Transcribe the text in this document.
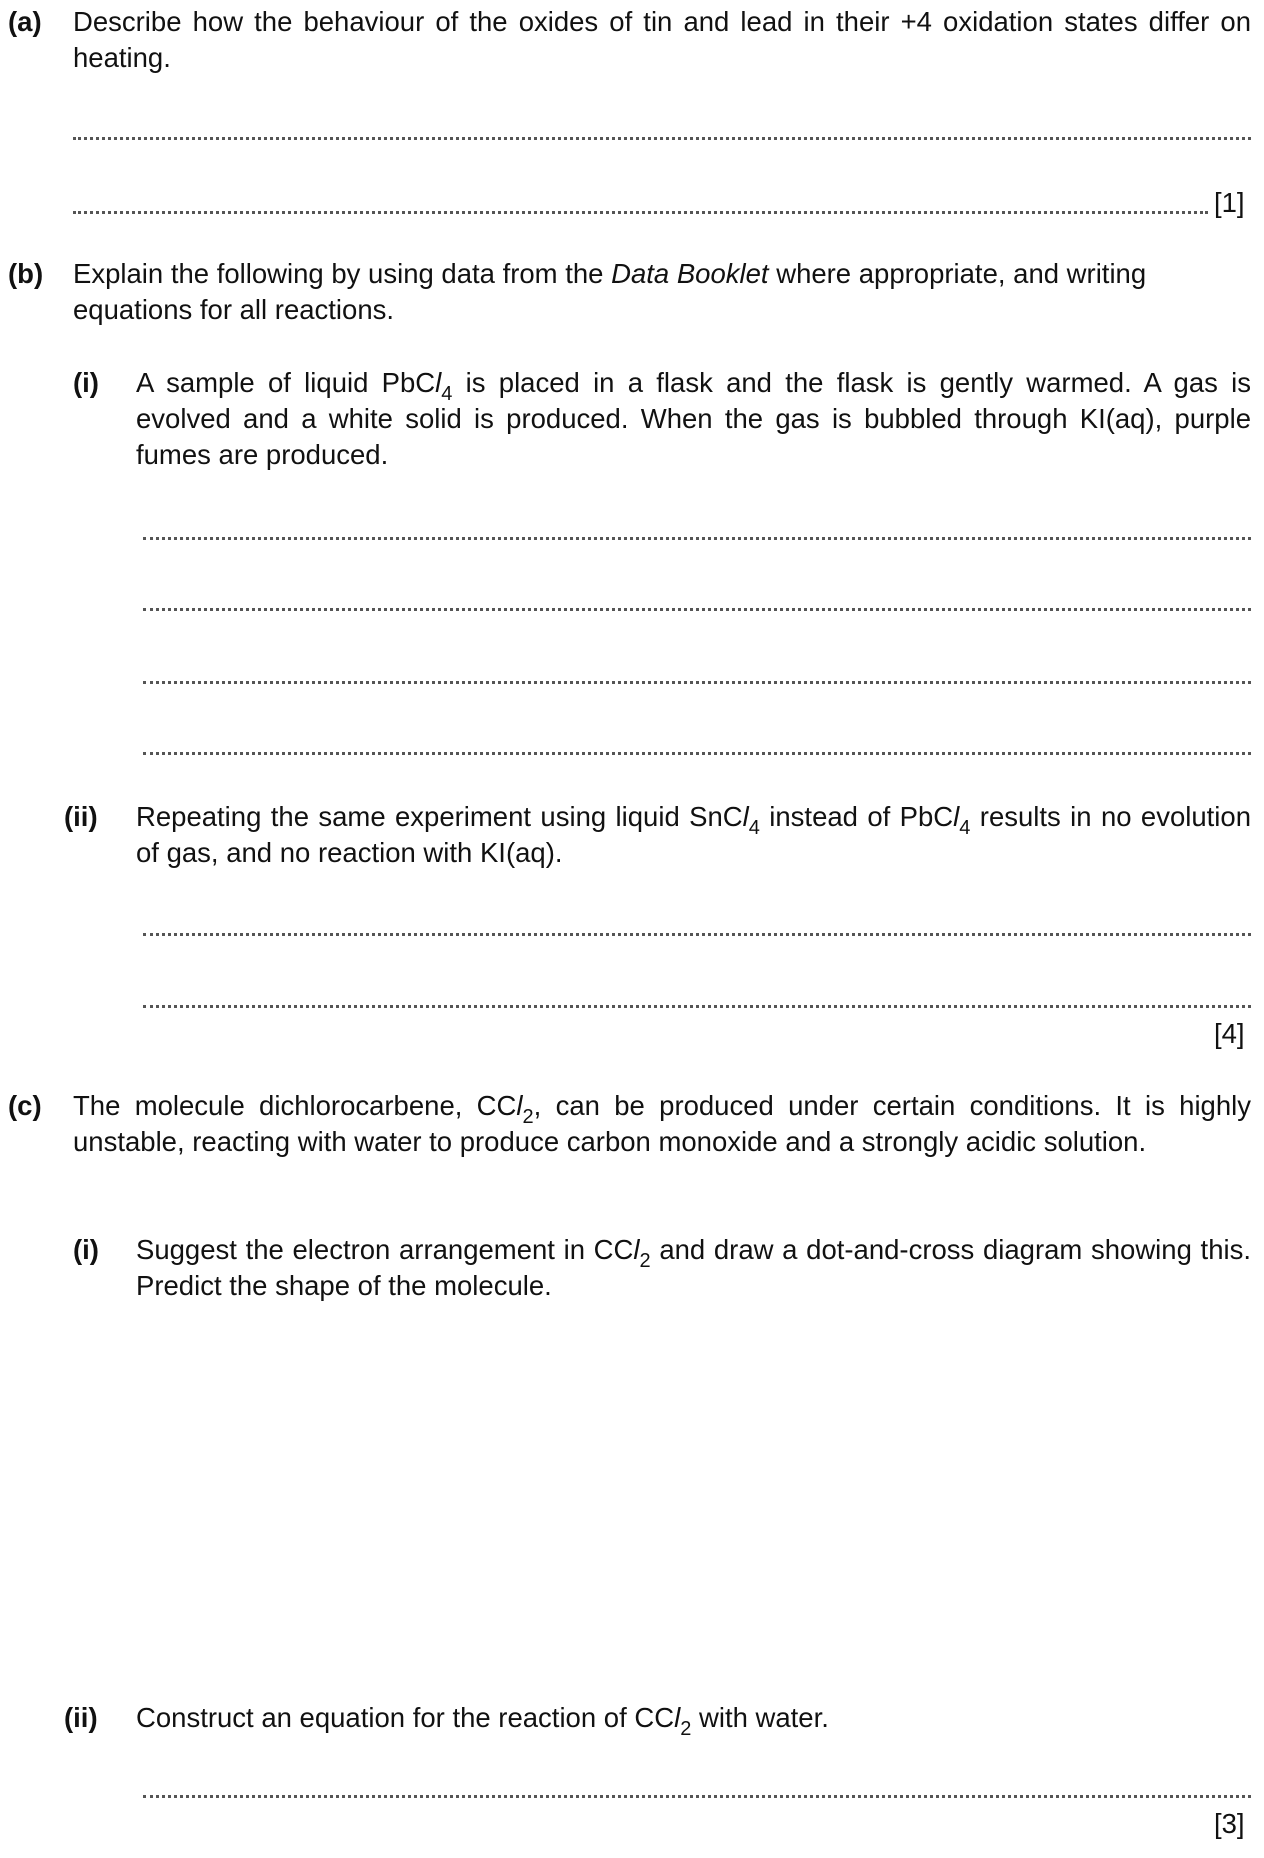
(a) Describe how the behaviour of the oxides of tin and lead in their +4 oxidation states differ on heating.
[1]
(b) Explain the following by using data from the Data Booklet where appropriate, and writing equations for all reactions.
(i) A sample of liquid PbCl$_4$ is placed in a flask and the flask is gently warmed. A gas is evolved and a white solid is produced. When the gas is bubbled through KI(aq), purple fumes are produced.
(ii) Repeating the same experiment using liquid SnCl$_4$ instead of PbCl$_4$ results in no evolution of gas, and no reaction with KI(aq).
[4]
(c) The molecule dichlorocarbene, CCl$_2$, can be produced under certain conditions. It is highly unstable, reacting with water to produce carbon monoxide and a strongly acidic solution.
(i) Suggest the electron arrangement in CCl$_2$ and draw a dot-and-cross diagram showing this. Predict the shape of the molecule.
(ii) Construct an equation for the reaction of CCl$_2$ with water.
[3]
